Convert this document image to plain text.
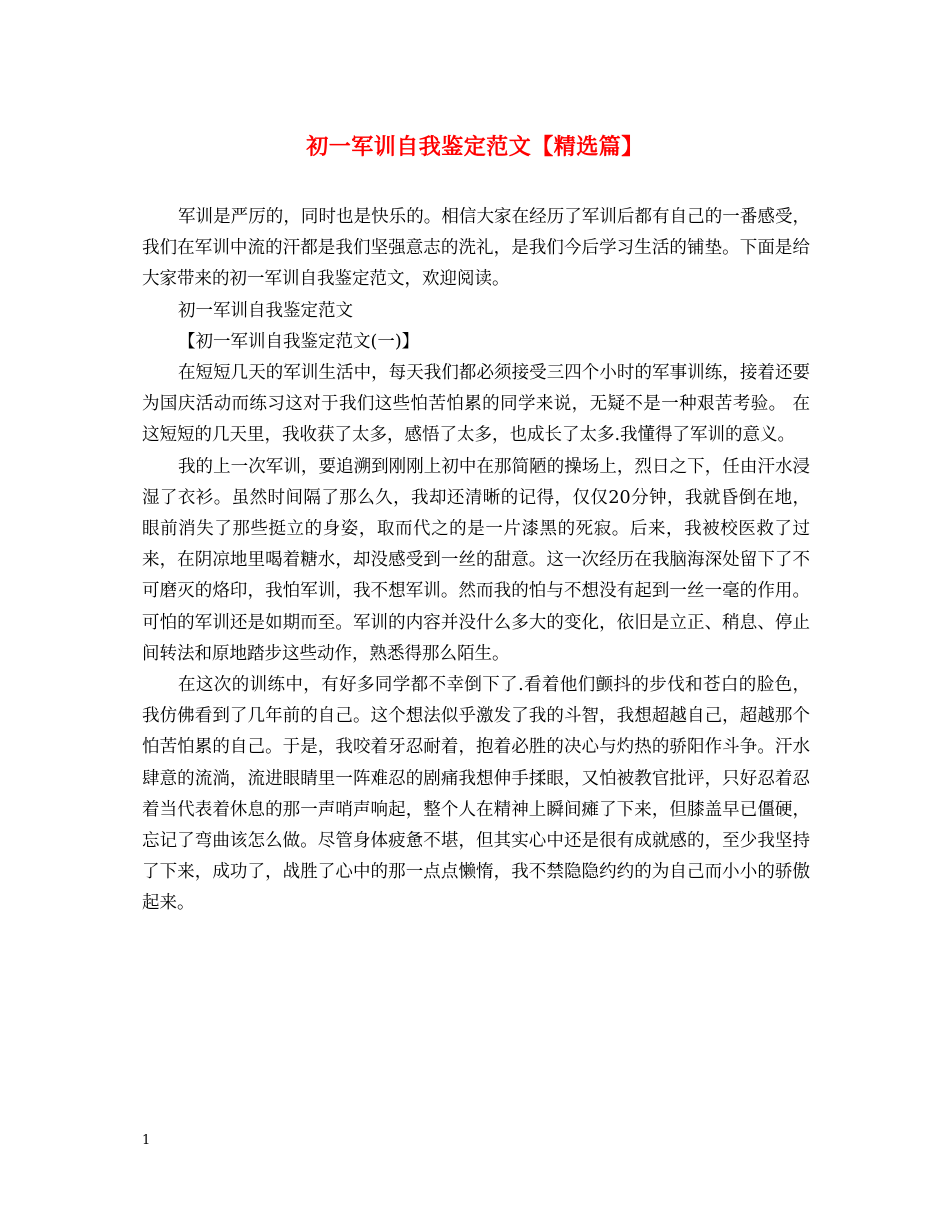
初一军训自我鉴定范文【精选篇】

军训是严厉的，同时也是快乐的。相信大家在经历了军训后都有自己的一番感受，我们在军训中流的汗都是我们坚强意志的洗礼，是我们今后学习生活的铺垫。下面是给大家带来的初一军训自我鉴定范文，欢迎阅读。

初一军训自我鉴定范文

【初一军训自我鉴定范文(一)】

在短短几天的军训生活中，每天我们都必须接受三四个小时的军事训练，接着还要为国庆活动而练习这对于我们这些怕苦怕累的同学来说，无疑不是一种艰苦考验。 在这短短的几天里，我收获了太多，感悟了太多，也成长了太多.我懂得了军训的意义。

我的上一次军训，要追溯到刚刚上初中在那简陋的操场上，烈日之下，任由汗水浸湿了衣衫。虽然时间隔了那么久，我却还清晰的记得，仅仅20分钟，我就昏倒在地，眼前消失了那些挺立的身姿，取而代之的是一片漆黑的死寂。后来，我被校医救了过来，在阴凉地里喝着糖水，却没感受到一丝的甜意。这一次经历在我脑海深处留下了不可磨灭的烙印，我怕军训，我不想军训。然而我的怕与不想没有起到一丝一毫的作用。可怕的军训还是如期而至。军训的内容并没什么多大的变化，依旧是立正、稍息、停止间转法和原地踏步这些动作，熟悉得那么陌生。

在这次的训练中，有好多同学都不幸倒下了.看着他们颤抖的步伐和苍白的脸色，我仿佛看到了几年前的自己。这个想法似乎激发了我的斗智，我想超越自己，超越那个怕苦怕累的自己。于是，我咬着牙忍耐着，抱着必胜的决心与灼热的骄阳作斗争。汗水肆意的流淌，流进眼睛里一阵难忍的剧痛我想伸手揉眼，又怕被教官批评，只好忍着忍着当代表着休息的那一声哨声响起，整个人在精神上瞬间瘫了下来，但膝盖早已僵硬，忘记了弯曲该怎么做。尽管身体疲惫不堪，但其实心中还是很有成就感的，至少我坚持了下来，成功了，战胜了心中的那一点点懒惰，我不禁隐隐约约的为自己而小小的骄傲起来。

1
